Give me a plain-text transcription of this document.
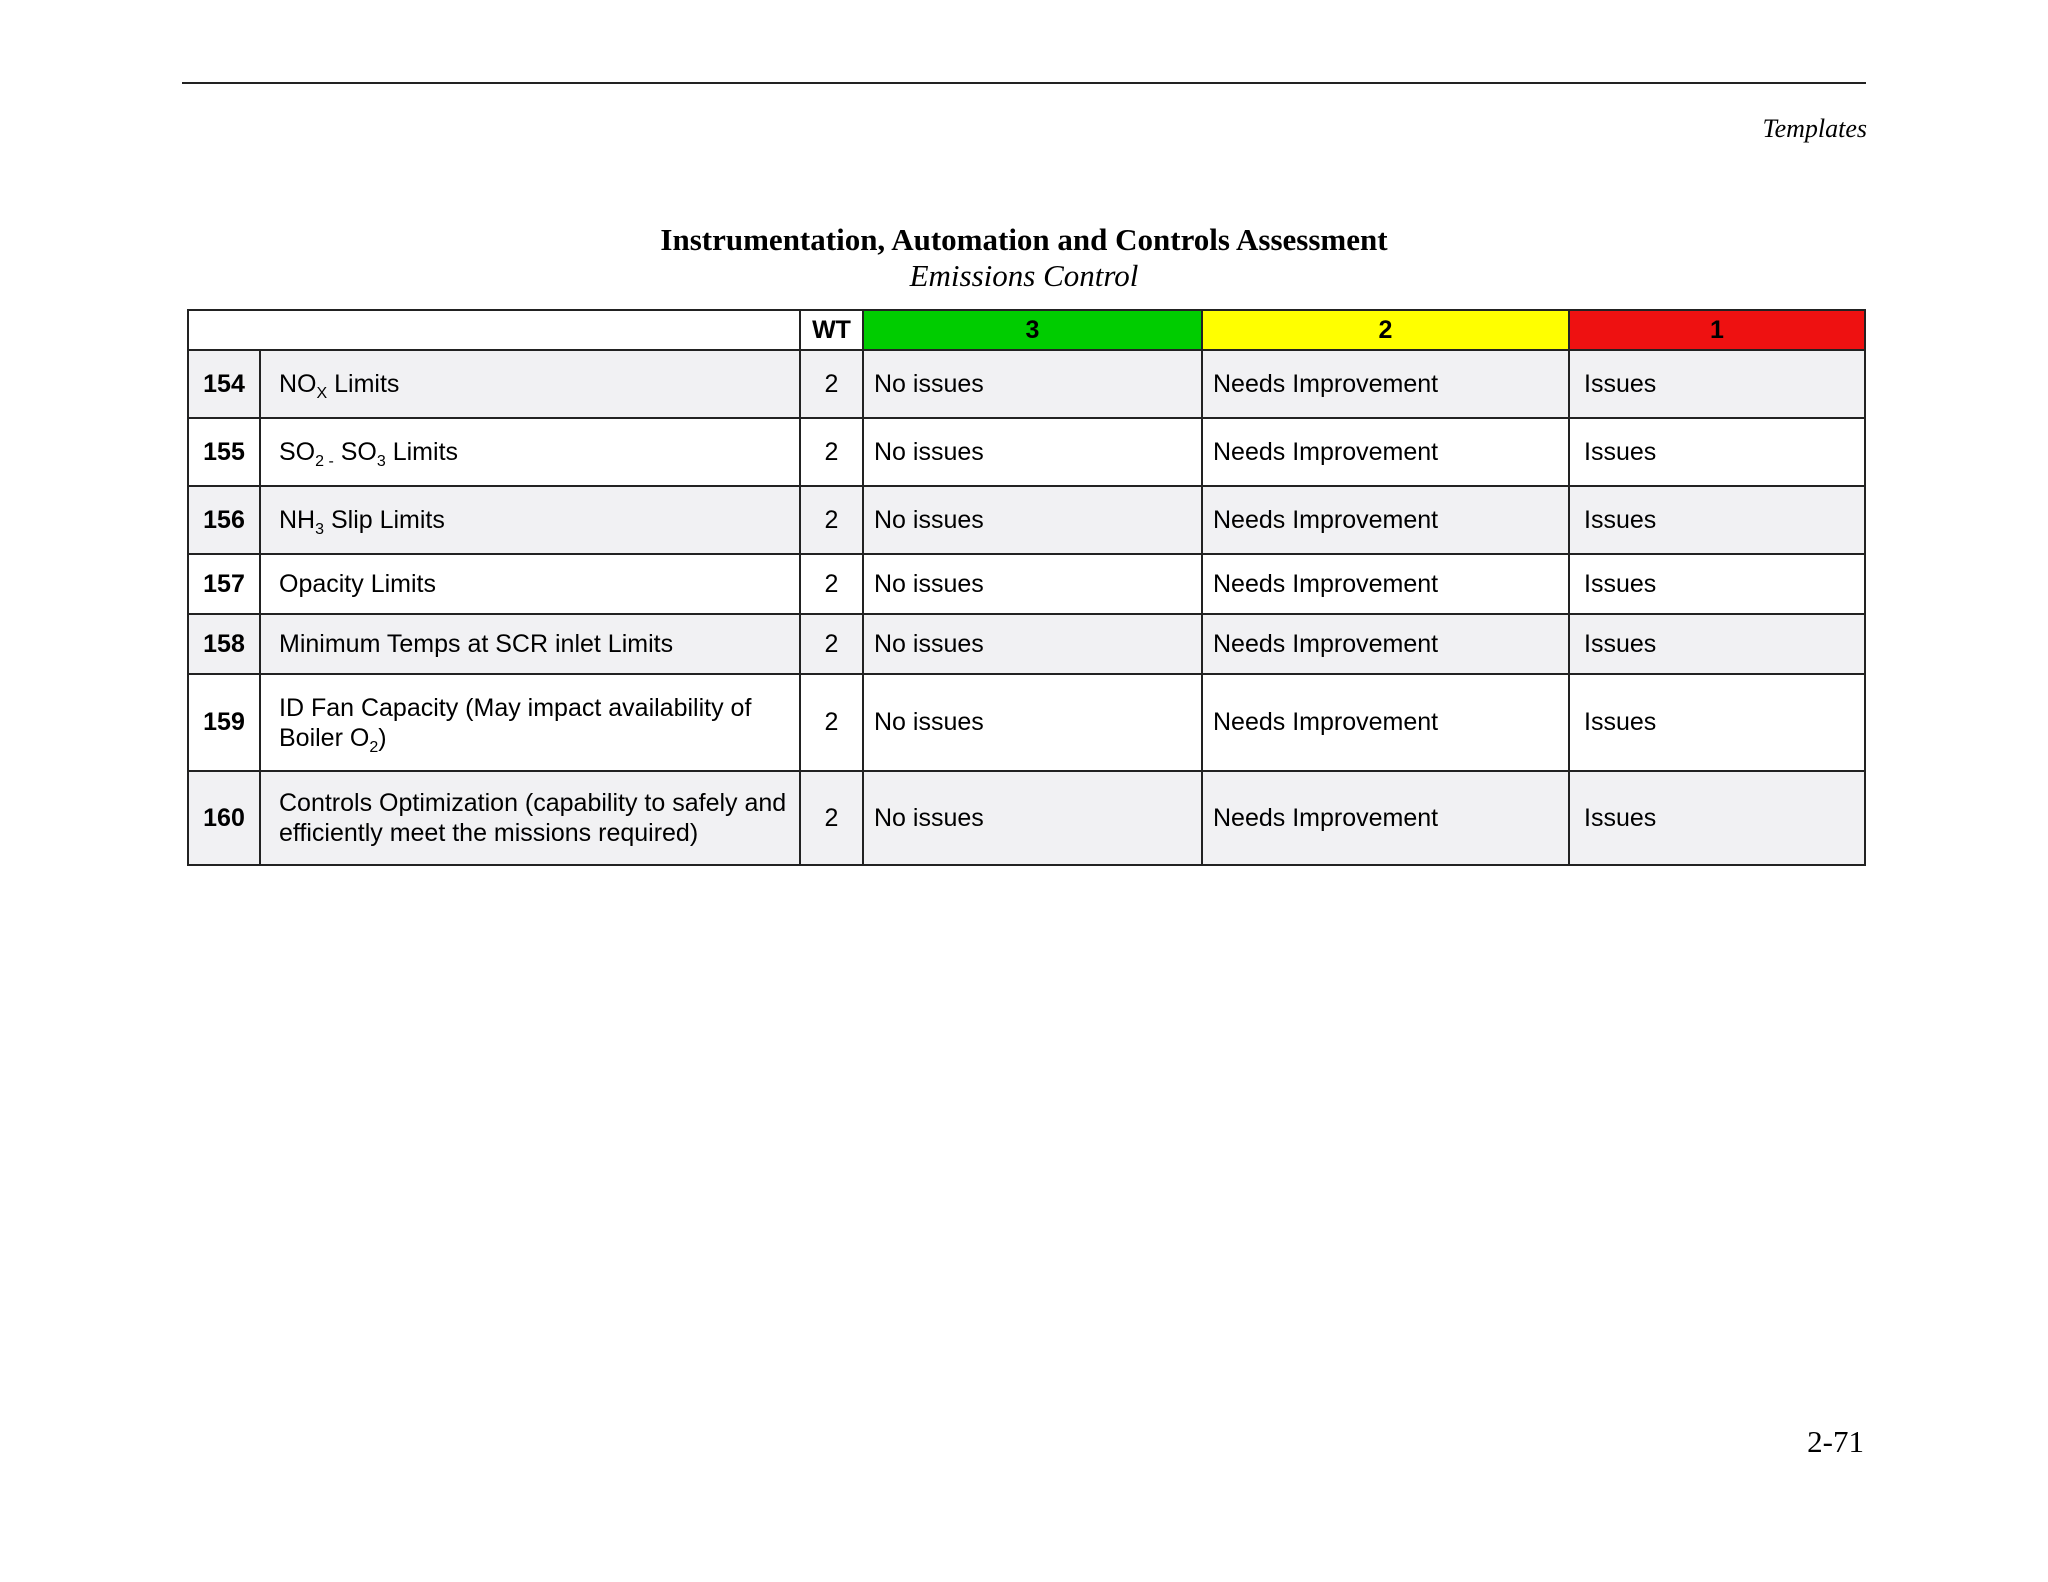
Templates
Instrumentation, Automation and Controls Assessment
Emissions Control
		WT	3	2	1
154	$NO_X$ Limits	2	No issues	Needs Improvement	Issues
155	$SO_{2 -}$ $SO_3$ Limits	2	No issues	Needs Improvement	Issues
156	$NH_3$ Slip Limits	2	No issues	Needs Improvement	Issues
157	Opacity Limits	2	No issues	Needs Improvement	Issues
158	Minimum Temps at SCR inlet Limits	2	No issues	Needs Improvement	Issues
159	ID Fan Capacity (May impact availability of Boiler $O_2$)	2	No issues	Needs Improvement	Issues
160	Controls Optimization (capability to safely and efficiently meet the missions required)	2	No issues	Needs Improvement	Issues
2-71
